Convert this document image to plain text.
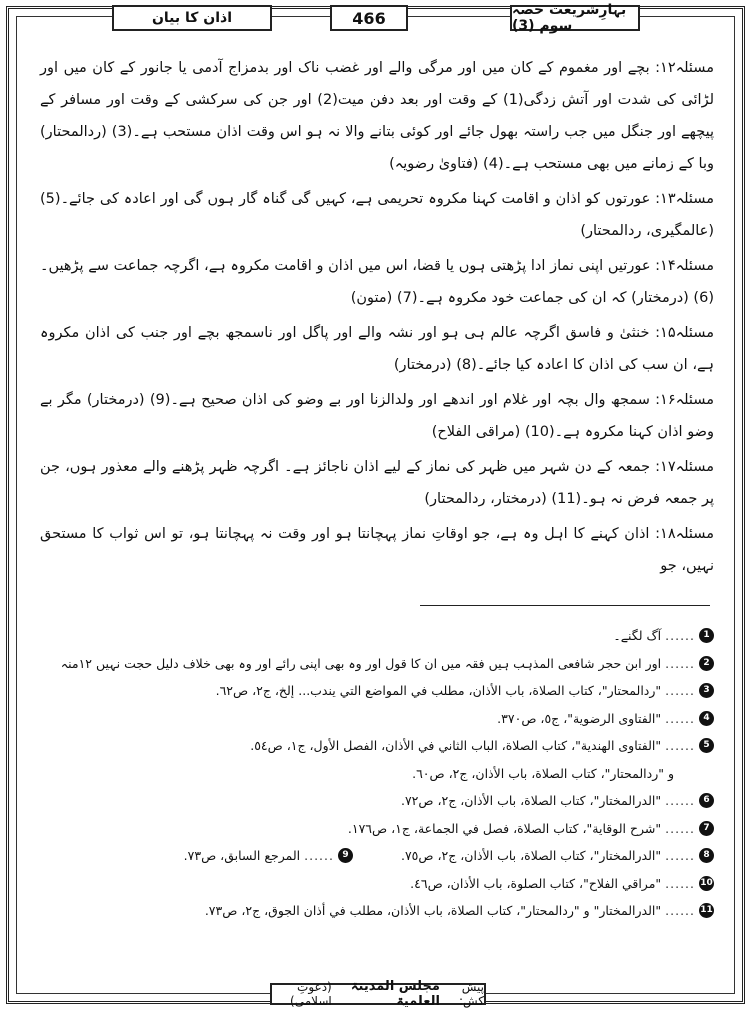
اذان کا بیان	466	بہارِشریعت حصہ سوم (3)

مسئلہ۱۲: بچے اور مغموم کے کان میں اور مرگی والے اور غضب ناک اور بدمزاج آدمی یا جانور کے کان میں اور لڑائی کی شدت اور آتش زدگی(1) کے وقت اور بعد دفن میت(2) اور جن کی سرکشی کے وقت اور مسافر کے پیچھے اور جنگل میں جب راستہ بھول جائے اور کوئی بتانے والا نہ ہو اس وقت اذان مستحب ہے۔(3) (ردالمحتار) وبا کے زمانے میں بھی مستحب ہے۔(4) (فتاویٰ رضویہ)

مسئلہ۱۳: عورتوں کو اذان و اقامت کہنا مکروہ تحریمی ہے، کہیں گی گناہ گار ہوں گی اور اعادہ کی جائے۔(5) (عالمگیری، ردالمحتار)

مسئلہ۱۴: عورتیں اپنی نماز ادا پڑھتی ہوں یا قضا، اس میں اذان و اقامت مکروہ ہے، اگرچہ جماعت سے پڑھیں۔(6) (درمختار) کہ ان کی جماعت خود مکروہ ہے۔(7) (متون)

مسئلہ۱۵: خنثیٰ و فاسق اگرچہ عالم ہی ہو اور نشہ والے اور پاگل اور ناسمجھ بچے اور جنب کی اذان مکروہ ہے، ان سب کی اذان کا اعادہ کیا جائے۔(8) (درمختار)

مسئلہ۱۶: سمجھ وال بچہ اور غلام اور اندھے اور ولدالزنا اور بے وضو کی اذان صحیح ہے۔(9) (درمختار) مگر بے وضو اذان کہنا مکروہ ہے۔(10) (مراقی الفلاح)

مسئلہ۱۷: جمعہ کے دن شہر میں ظہر کی نماز کے لیے اذان ناجائز ہے۔ اگرچہ ظہر پڑھنے والے معذور ہوں، جن پر جمعہ فرض نہ ہو۔(11) (درمختار، ردالمحتار)

مسئلہ۱۸: اذان کہنے کا اہل وہ ہے، جو اوقاتِ نماز پہچانتا ہو اور وقت نہ پہچانتا ہو، تو اس ثواب کا مستحق نہیں، جو

1
......
آگ لگنے۔
2
......
اور ابن حجر شافعی المذہب ہیں فقہ میں ان کا قول اور وہ بھی اپنی رائے اور وہ بھی خلاف دلیل حجت نہیں ۱۲منہ
3
......
"ردالمحتار"، كتاب الصلاة، باب الأذان، مطلب في المواضع التي يندب... إلخ، ج٢، ص٦٢.
4
......
"الفتاوى الرضوية"، ج٥، ص٣٧٠.
5
......
"الفتاوى الهندية"، كتاب الصلاة، الباب الثاني في الأذان، الفصل الأول، ج١، ص٥٤.
و "ردالمحتار"، كتاب الصلاة، باب الأذان، ج٢، ص٦٠.
6
......
"الدرالمختار"، كتاب الصلاة، باب الأذان، ج٢، ص٧٢.
7
......
"شرح الوقاية"، كتاب الصلاة، فصل في الجماعة، ج١، ص١٧٦.
8
......
"الدرالمختار"، كتاب الصلاة، باب الأذان، ج٢، ص٧٥.
9
......
المرجع السابق، ص٧٣.
10
......
"مراقي الفلاح"، كتاب الصلوة، باب الأذان، ص٤٦.
11
......
"الدرالمختار" و "ردالمحتار"، كتاب الصلاة، باب الأذان، مطلب في أذان الجوق، ج٢، ص٧٣.
پیش کش:
مجلس المدینۃ العلمیۃ
(دعوتِ اسلامی)
